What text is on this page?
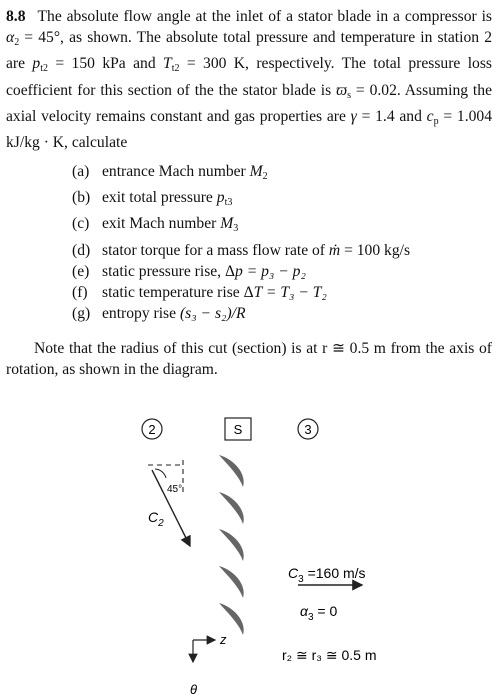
8.8 The absolute flow angle at the inlet of a stator blade in a compressor is $\alpha_2 = 45^\circ$, as shown. The absolute total pressure and temperature in station 2 are $p_{t2} = 150$ kPa and $T_{t2} = 300$ K, respectively. The total pressure loss coefficient for this section of the the stator blade is $ϖ_s = 0.02$. Assuming the axial velocity remains constant and gas properties are γ = 1.4 and $c_p = 1.004$ kJ/kg · K, calculate
(a) entrance Mach number $M_2$
(b) exit total pressure $p_{t3}$
(c) exit Mach number $M_3$
(d) stator torque for a mass flow rate of ṁ = 100 kg/s
(e) static pressure rise, Δp = p₃ − p₂
(f) static temperature rise ΔT = T₃ − T₂
(g) entropy rise (s₃ − s₂)/R
Note that the radius of this cut (section) is at r ≅ 0.5 m from the axis of rotation, as shown in the diagram.
2	S	3
45°
$C_2$
$C_3 =160$ m/s
$\alpha_3 = 0$
z
θ
r₂ ≅ r₃ ≅ 0.5 m
